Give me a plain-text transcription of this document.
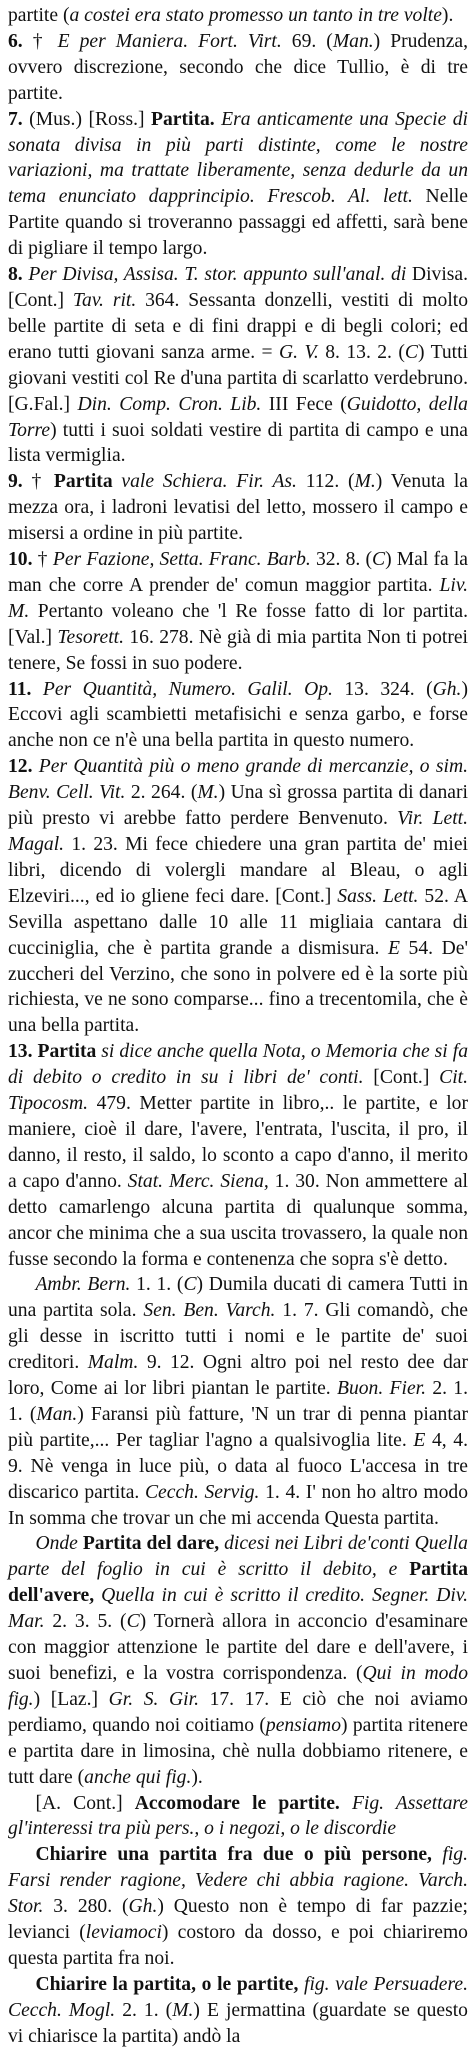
partite (a costei era stato promesso un tanto in tre volte).

6. † E per Maniera. Fort. Virt. 69. (Man.) Prudenza, ovvero discrezione, secondo che dice Tullio, è di tre partite.

7. (Mus.) [Ross.] Partita. Era anticamente una Specie di sonata divisa in più parti distinte, come le nostre variazioni, ma trattate liberamente, senza dedurle da un tema enunciato dapprincipio. Frescob. Al. lett. Nelle Partite quando si troveranno passaggi ed affetti, sarà bene di pigliare il tempo largo.

8. Per Divisa, Assisa. T. stor. appunto sull'anal. di Divisa. [Cont.] Tav. rit. 364. Sessanta donzelli, vestiti di molto belle partite di seta e di fini drappi e di begli colori; ed erano tutti giovani sanza arme. = G. V. 8. 13. 2. (C) Tutti giovani vestiti col Re d'una partita di scarlatto verdebruno. [G.Fal.] Din. Comp. Cron. Lib. III Fece (Guidotto, della Torre) tutti i suoi soldati vestire di partita di campo e una lista vermiglia.

9. † Partita vale Schiera. Fir. As. 112. (M.) Venuta la mezza ora, i ladroni levatisi del letto, mossero il campo e misersi a ordine in più partite.

10. † Per Fazione, Setta. Franc. Barb. 32. 8. (C) Mal fa la man che corre A prender de' comun maggior partita. Liv. M. Pertanto voleano che 'l Re fosse fatto di lor partita. [Val.] Tesorett. 16. 278. Nè già di mia partita Non ti potrei tenere, Se fossi in suo podere.

11. Per Quantità, Numero. Galil. Op. 13. 324. (Gh.) Eccovi agli scambietti metafisichi e senza garbo, e forse anche non ce n'è una bella partita in questo numero.

12. Per Quantità più o meno grande di mercanzie, o sim. Benv. Cell. Vit. 2. 264. (M.) Una sì grossa partita di danari più presto vi arebbe fatto perdere Benvenuto. Vir. Lett. Magal. 1. 23. Mi fece chiedere una gran partita de' miei libri, dicendo di volergli mandare al Bleau, o agli Elzeviri..., ed io gliene feci dare. [Cont.] Sass. Lett. 52. A Sevilla aspettano dalle 10 alle 11 migliaia cantara di cucciniglia, che è partita grande a dismisura. E 54. De' zuccheri del Verzino, che sono in polvere ed è la sorte più richiesta, ve ne sono comparse... fino a trecentomila, che è una bella partita.

13. Partita si dice anche quella Nota, o Memoria che si fa di debito o credito in su i libri de' conti. [Cont.] Cit. Tipocosm. 479. Metter partite in libro,.. le partite, e lor maniere, cioè il dare, l'avere, l'entrata, l'uscita, il pro, il danno, il resto, il saldo, lo sconto a capo d'anno, il merito a capo d'anno. Stat. Merc. Siena, 1. 30. Non ammettere al detto camarlengo alcuna partita di qualunque somma, ancor che minima che a sua uscita trovassero, la quale non fusse secondo la forma e contenenza che sopra s'è detto.

Ambr. Bern. 1. 1. (C) Dumila ducati di camera Tutti in una partita sola. Sen. Ben. Varch. 1. 7. Gli comandò, che gli desse in iscritto tutti i nomi e le partite de' suoi creditori. Malm. 9. 12. Ogni altro poi nel resto dee dar loro, Come ai lor libri piantan le partite. Buon. Fier. 2. 1. 1. (Man.) Faransi più fatture, 'N un trar di penna piantar più partite,... Per tagliar l'agno a qualsivoglia lite. E 4, 4. 9. Nè venga in luce più, o data al fuoco L'accesa in tre discarico partita. Cecch. Servig. 1. 4. I' non ho altro modo In somma che trovar un che mi accenda Questa partita.

Onde Partita del dare, dicesi nei Libri de'conti Quella parte del foglio in cui è scritto il debito, e Partita dell'avere, Quella in cui è scritto il credito. Segner. Div. Mar. 2. 3. 5. (C) Tornerà allora in acconcio d'esaminare con maggior attenzione le partite del dare e dell'avere, i suoi benefizi, e la vostra corrispondenza. (Qui in modo fig.) [Laz.] Gr. S. Gir. 17. 17. E ciò che noi aviamo perdiamo, quando noi coitiamo (pensiamo) partita ritenere e partita dare in limosina, chè nulla dobbiamo ritenere, e tutt dare (anche qui fig.).

[A. Cont.] Accomodare le partite. Fig. Assettare gl'interessi tra più pers., o i negozi, o le discordie

Chiarire una partita fra due o più persone, fig. Farsi render ragione, Vedere chi abbia ragione. Varch. Stor. 3. 280. (Gh.) Questo non è tempo di far pazzie; levianci (leviamoci) costoro da dosso, e poi chiariremo questa partita fra noi.

Chiarire la partita, o le partite, fig. vale Persuadere. Cecch. Mogl. 2. 1. (M.) E jermattina (guardate se questo vi chiarisce la partita) andò la
